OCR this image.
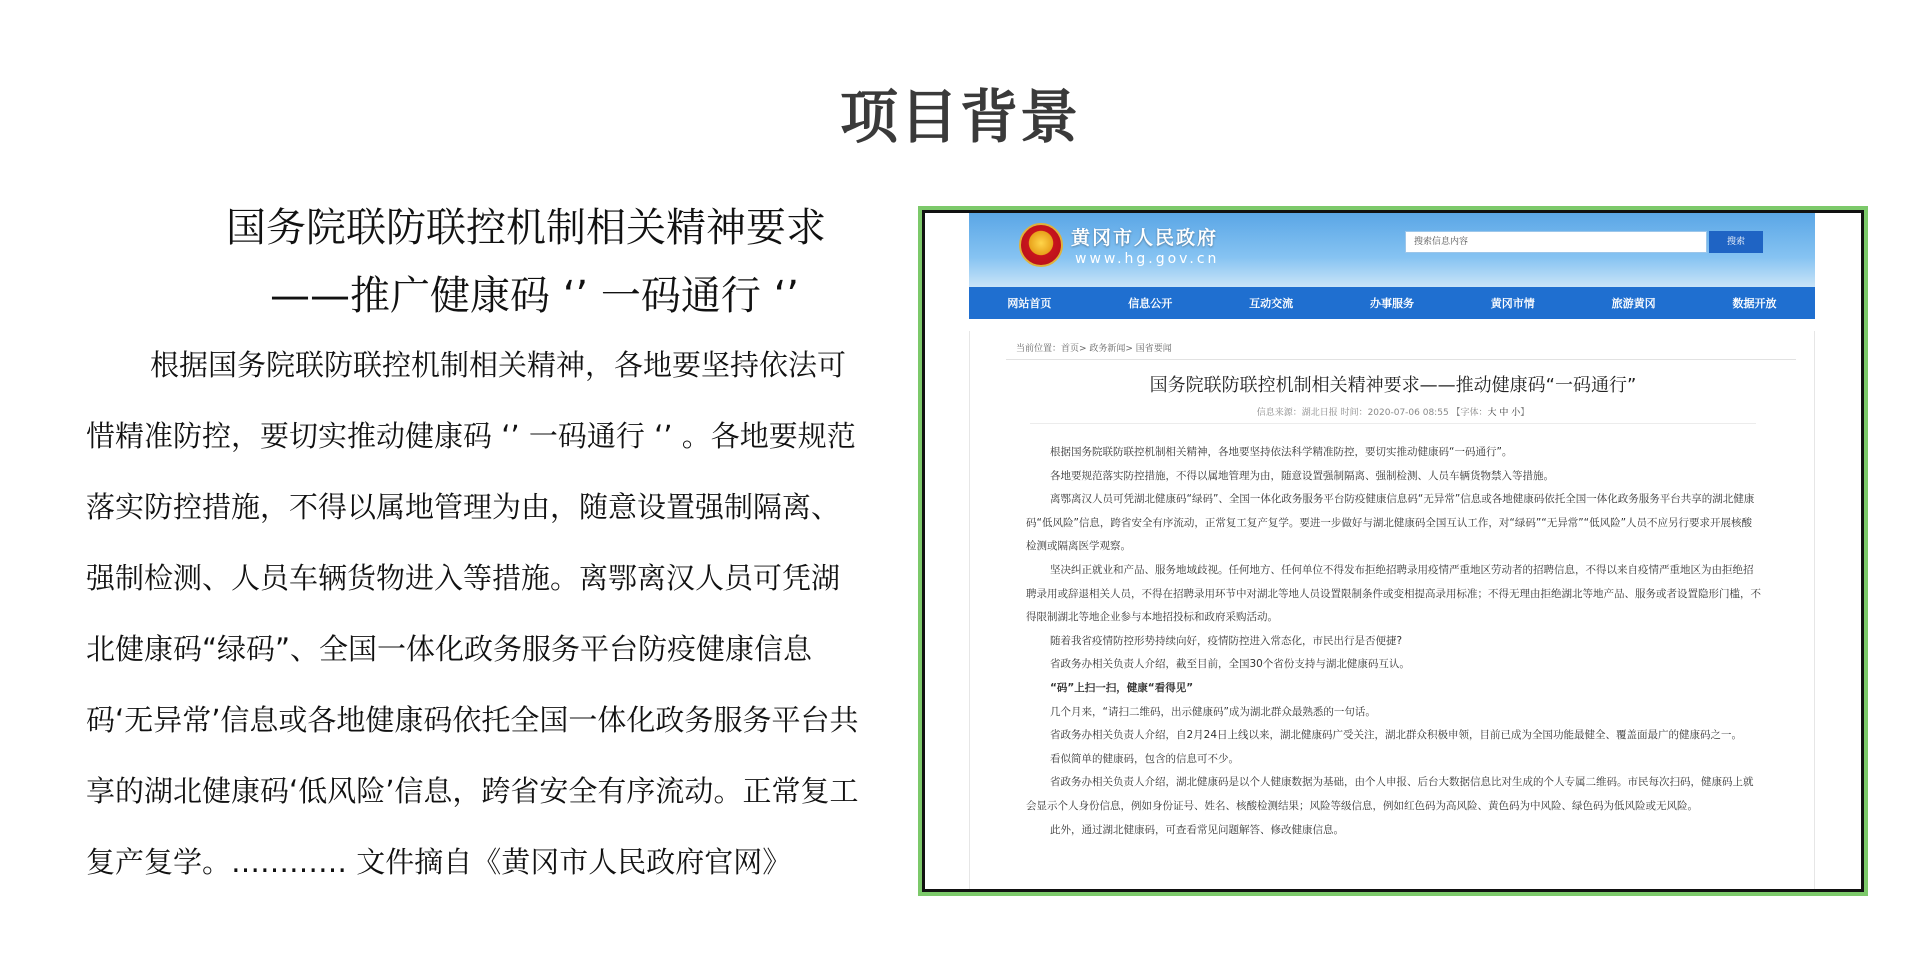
项目背景
国务院联防联控机制相关精神要求
——推广健康码 ‘’ 一码通行 ‘’

根据国务院联防联控机制相关精神，各地要坚持依法可惜精准防控，要切实推动健康码 ‘’ 一码通行 ‘’ 。各地要规范落实防控措施，不得以属地管理为由，随意设置强制隔离、强制检测、人员车辆货物进入等措施。离鄂离汉人员可凭湖北健康码“绿码”、全国一体化政务服务平台防疫健康信息码‘无异常’信息或各地健康码依托全国一体化政务服务平台共享的湖北健康码‘低风险’信息，跨省安全有序流动。正常复工复产复学。………… 文件摘自《黄冈市人民政府官网》

黄冈市人民政府
www.hg.gov.cn
搜索信息内容	搜索
网站首页	信息公开	互动交流	办事服务	黄冈市情	旅游黄冈	数据开放
当前位置：首页> 政务新闻> 国省要闻
国务院联防联控机制相关精神要求——推动健康码“一码通行”
信息来源：湖北日报 时间：2020-07-06 08:55 【字体：大 中 小】

根据国务院联防联控机制相关精神，各地要坚持依法科学精准防控，要切实推动健康码“一码通行”。

各地要规范落实防控措施，不得以属地管理为由，随意设置强制隔离、强制检测、人员车辆货物禁入等措施。

离鄂离汉人员可凭湖北健康码“绿码”、全国一体化政务服务平台防疫健康信息码“无异常”信息或各地健康码依托全国一体化政务服务平台共享的湖北健康码“低风险”信息，跨省安全有序流动，正常复工复产复学。要进一步做好与湖北健康码全国互认工作，对“绿码”“无异常”“低风险”人员不应另行要求开展核酸检测或隔离医学观察。

坚决纠正就业和产品、服务地域歧视。任何地方、任何单位不得发布拒绝招聘录用疫情严重地区劳动者的招聘信息，不得以来自疫情严重地区为由拒绝招聘录用或辞退相关人员，不得在招聘录用环节中对湖北等地人员设置限制条件或变相提高录用标准；不得无理由拒绝湖北等地产品、服务或者设置隐形门槛，不得限制湖北等地企业参与本地招投标和政府采购活动。

随着我省疫情防控形势持续向好，疫情防控进入常态化，市民出行是否便捷?

省政务办相关负责人介绍，截至目前，全国30个省份支持与湖北健康码互认。

“码”上扫一扫，健康“看得见”

几个月来，“请扫二维码，出示健康码”成为湖北群众最熟悉的一句话。

省政务办相关负责人介绍，自2月24日上线以来，湖北健康码广受关注，湖北群众积极申领，目前已成为全国功能最健全、覆盖面最广的健康码之一。

看似简单的健康码，包含的信息可不少。

省政务办相关负责人介绍，湖北健康码是以个人健康数据为基础，由个人申报、后台大数据信息比对生成的个人专属二维码。市民每次扫码，健康码上就会显示个人身份信息，例如身份证号、姓名、核酸检测结果；风险等级信息，例如红色码为高风险、黄色码为中风险、绿色码为低风险或无风险。

此外，通过湖北健康码，可查看常见问题解答、修改健康信息。
